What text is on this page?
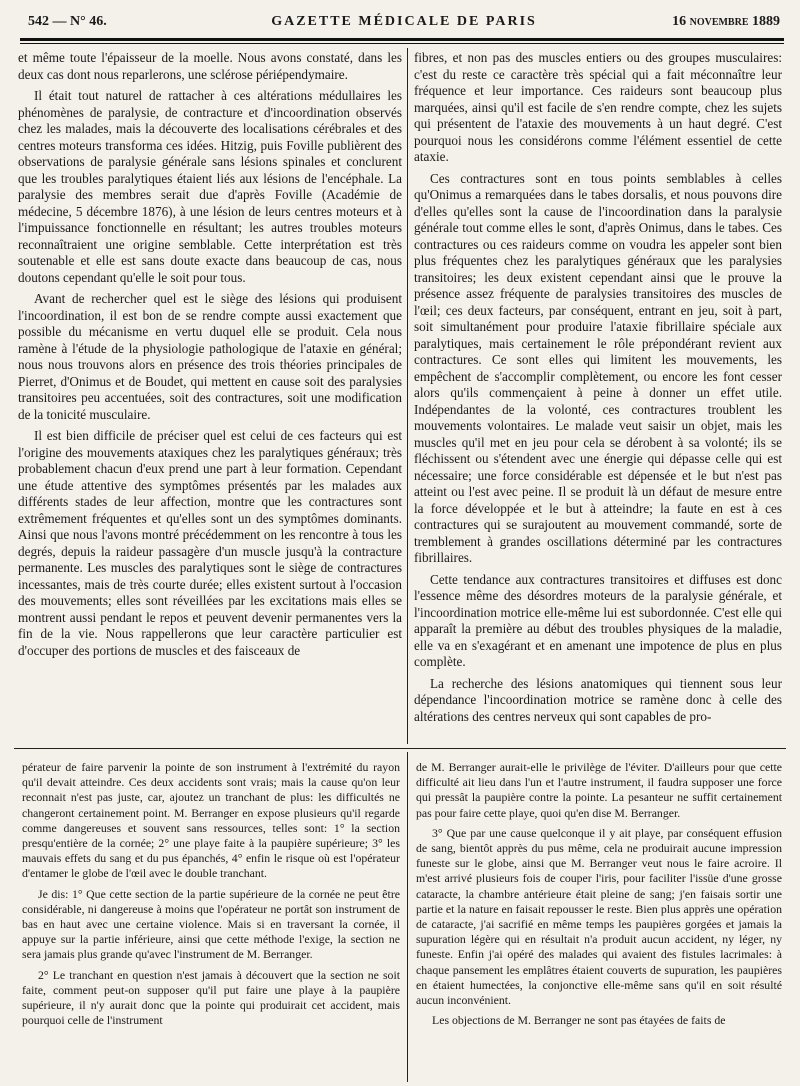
542 — N° 46.	GAZETTE MÉDICALE DE PARIS	16 novembre 1889

et même toute l'épaisseur de la moelle. Nous avons constaté, dans les deux cas dont nous reparlerons, une sclérose périépendymaire.

Il était tout naturel de rattacher à ces altérations médullaires les phénomènes de paralysie, de contracture et d'incoordination observés chez les malades, mais la découverte des localisations cérébrales et des centres moteurs transforma ces idées. Hitzig, puis Foville publièrent des observations de paralysie générale sans lésions spinales et conclurent que les troubles paralytiques étaient liés aux lésions de l'encéphale. La paralysie des membres serait due d'après Foville (Académie de médecine, 5 décembre 1876), à une lésion de leurs centres moteurs et à l'impuissance fonctionnelle en résultant; les autres troubles moteurs reconnaîtraient une origine semblable. Cette interprétation est très soutenable et elle est sans doute exacte dans beaucoup de cas, nous doutons cependant qu'elle le soit pour tous.

Avant de rechercher quel est le siège des lésions qui produisent l'incoordination, il est bon de se rendre compte aussi exactement que possible du mécanisme en vertu duquel elle se produit. Cela nous ramène à l'étude de la physiologie pathologique de l'ataxie en général; nous nous trouvons alors en présence des trois théories principales de Pierret, d'Onimus et de Boudet, qui mettent en cause soit des paralysies transitoires peu accentuées, soit des contractures, soit une modification de la tonicité musculaire.

Il est bien difficile de préciser quel est celui de ces facteurs qui est l'origine des mouvements ataxiques chez les paralytiques généraux; très probablement chacun d'eux prend une part à leur formation. Cependant une étude attentive des symptômes présentés par les malades aux différents stades de leur affection, montre que les contractures sont extrêmement fréquentes et qu'elles sont un des symptômes dominants. Ainsi que nous l'avons montré précédemment on les rencontre à tous les degrés, depuis la raideur passagère d'un muscle jusqu'à la contracture permanente. Les muscles des paralytiques sont le siège de contractures incessantes, mais de très courte durée; elles existent surtout à l'occasion des mouvements; elles sont réveillées par les excitations mais elles se montrent aussi pendant le repos et peuvent devenir permanentes vers la fin de la vie. Nous rappellerons que leur caractère particulier est d'occuper des portions de muscles et des faisceaux de

fibres, et non pas des muscles entiers ou des groupes musculaires: c'est du reste ce caractère très spécial qui a fait méconnaître leur fréquence et leur importance. Ces raideurs sont beaucoup plus marquées, ainsi qu'il est facile de s'en rendre compte, chez les sujets qui présentent de l'ataxie des mouvements à un haut degré. C'est pourquoi nous les considérons comme l'élément essentiel de cette ataxie.

Ces contractures sont en tous points semblables à celles qu'Onimus a remarquées dans le tabes dorsalis, et nous pouvons dire d'elles qu'elles sont la cause de l'incoordination dans la paralysie générale tout comme elles le sont, d'après Onimus, dans le tabes. Ces contractures ou ces raideurs comme on voudra les appeler sont bien plus fréquentes chez les paralytiques généraux que les paralysies transitoires; les deux existent cependant ainsi que le prouve la présence assez fréquente de paralysies transitoires des muscles de l'œil; ces deux facteurs, par conséquent, entrant en jeu, soit à part, soit simultanément pour produire l'ataxie fibrillaire spéciale aux paralytiques, mais certainement le rôle prépondérant revient aux contractures. Ce sont elles qui limitent les mouvements, les empêchent de s'accomplir complètement, ou encore les font cesser alors qu'ils commençaient à peine à donner un effet utile. Indépendantes de la volonté, ces contractures troublent les mouvements volontaires. Le malade veut saisir un objet, mais les muscles qu'il met en jeu pour cela se dérobent à sa volonté; ils se fléchissent ou s'étendent avec une énergie qui dépasse celle qui est nécessaire; une force considérable est dépensée et le but n'est pas atteint ou l'est avec peine. Il se produit là un défaut de mesure entre la force développée et le but à atteindre; la faute en est à ces contractures qui se surajoutent au mouvement commandé, sorte de tremblement à grandes oscillations déterminé par les contractures fibrillaires.

Cette tendance aux contractures transitoires et diffuses est donc l'essence même des désordres moteurs de la paralysie générale, et l'incoordination motrice elle-même lui est subordonnée. C'est elle qui apparaît la première au début des troubles physiques de la maladie, elle va en s'exagérant et en amenant une impotence de plus en plus complète.

La recherche des lésions anatomiques qui tiennent sous leur dépendance l'incoordination motrice se ramène donc à celle des altérations des centres nerveux qui sont capables de pro-

pérateur de faire parvenir la pointe de son instrument à l'extrémité du rayon qu'il devait atteindre. Ces deux accidents sont vrais; mais la cause qu'on leur reconnait n'est pas juste, car, ajoutez un tranchant de plus: les difficultés ne changeront certainement point. M. Berranger en expose plusieurs qu'il regarde comme dangereuses et souvent sans ressources, telles sont: 1° la section presqu'entière de la cornée; 2° une playe faite à la paupière supérieure; 3° les mauvais effets du sang et du pus épanchés, 4° enfin le risque où est l'opérateur d'entamer le globe de l'œil avec le double tranchant.

Je dis: 1° Que cette section de la partie supérieure de la cornée ne peut être considérable, ni dangereuse à moins que l'opérateur ne portât son instrument de bas en haut avec une certaine violence. Mais si en traversant la cornée, il appuye sur la partie inférieure, ainsi que cette méthode l'exige, la section ne sera jamais plus grande qu'avec l'instrument de M. Berranger.

2° Le tranchant en question n'est jamais à découvert que la section ne soit faite, comment peut-on supposer qu'il put faire une playe à la paupière supérieure, il n'y aurait donc que la pointe qui produirait cet accident, mais pourquoi celle de l'instrument

de M. Berranger aurait-elle le privilège de l'éviter. D'ailleurs pour que cette difficulté ait lieu dans l'un et l'autre instrument, il faudra supposer une force qui pressât la paupière contre la pointe. La pesanteur ne suffit certainement pas pour faire cette playe, quoi qu'en dise M. Berranger.

3° Que par une cause quelconque il y ait playe, par conséquent effusion de sang, bientôt apprès du pus même, cela ne produirait aucune impression funeste sur le globe, ainsi que M. Berranger veut nous le faire acroire. Il m'est arrivé plusieurs fois de couper l'iris, pour faciliter l'issüe d'une grosse cataracte, la chambre antérieure était pleine de sang; j'en faisais sortir une partie et la nature en faisait repousser le reste. Bien plus apprès une opération de cataracte, j'ai sacrifié en même temps les paupières gorgées et jamais la supuration légère qui en résultait n'a produit aucun accident, ny léger, ny funeste. Enfin j'ai opéré des malades qui avaient des fistules lacrimales: à chaque pansement les emplâtres étaient couverts de supuration, les paupières en étaient humectées, la conjonctive elle-même sans qu'il en soit résulté aucun inconvénient.

Les objections de M. Berranger ne sont pas étayées de faits de
